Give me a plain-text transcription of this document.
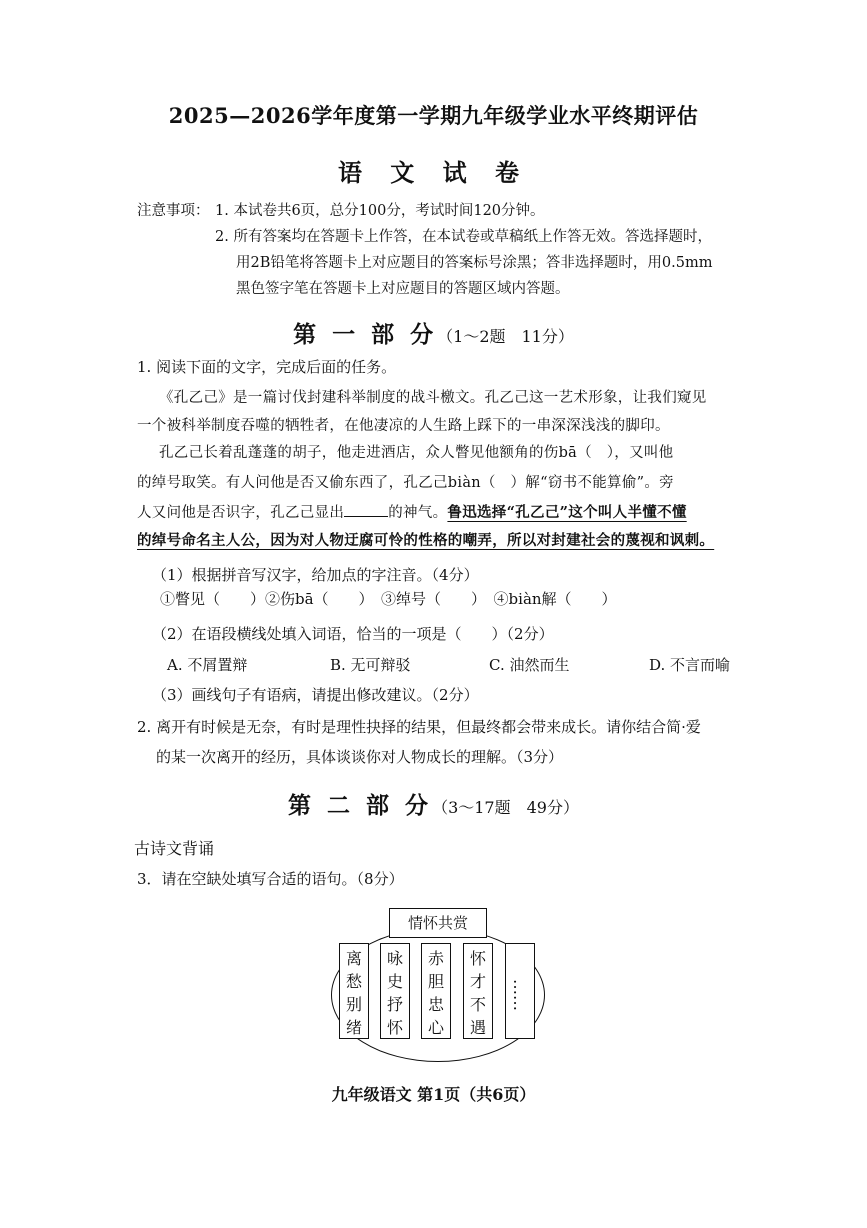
2025—2026学年度第一学期九年级学业水平终期评估
语 文 试 卷
注意事项： 1. 本试卷共6页，总分100分，考试时间120分钟。
2. 所有答案均在答题卡上作答，在本试卷或草稿纸上作答无效。答选择题时，
用2B铅笔将答题卡上对应题目的答案标号涂黑；答非选择题时，用0.5mm
黑色签字笔在答题卡上对应题目的答题区域内答题。
第 一 部 分（1～2题　11分）
1. 阅读下面的文字，完成后面的任务。
《孔乙己》是一篇讨伐封建科举制度的战斗檄文。孔乙己这一艺术形象，让我们窥见
一个被科举制度吞噬的牺牲者，在他凄凉的人生路上踩下的一串深深浅浅的脚印。
孔乙己长着乱蓬蓬的胡子，他走进酒店，众人瞥见他额角的伤bā（　），又叫他
的绰号取笑。有人问他是否又偷东西了，孔乙己biàn（　）解“窃书不能算偷”。旁
人又问他是否识字，孔乙己显出	的神气。鲁迅选择“孔乙己”这个叫人半懂不懂
的绰号命名主人公，因为对人物迂腐可怜的性格的嘲弄，所以对封建社会的蔑视和讽刺。
（1）根据拼音写汉字，给加点的字注音。（4分）
①瞥见（　　）②伤bā（　　）　③绰号（　　）　④biàn解（　　）
（2）在语段横线处填入词语，恰当的一项是（　　）（2分）
A. 不屑置辩	B. 无可辩驳	C. 油然而生	D. 不言而喻
（3）画线句子有语病，请提出修改建议。（2分）
2. 离开有时候是无奈，有时是理性抉择的结果，但最终都会带来成长。请你结合简·爱
的某一次离开的经历，具体谈谈你对人物成长的理解。（3分）
第 二 部 分（3～17题　49分）
古诗文背诵
3．请在空缺处填写合适的语句。（8分）
情怀共赏
离愁别绪
咏史抒怀
赤胆忠心
怀才不遇
……
九年级语文 第1页（共6页）
